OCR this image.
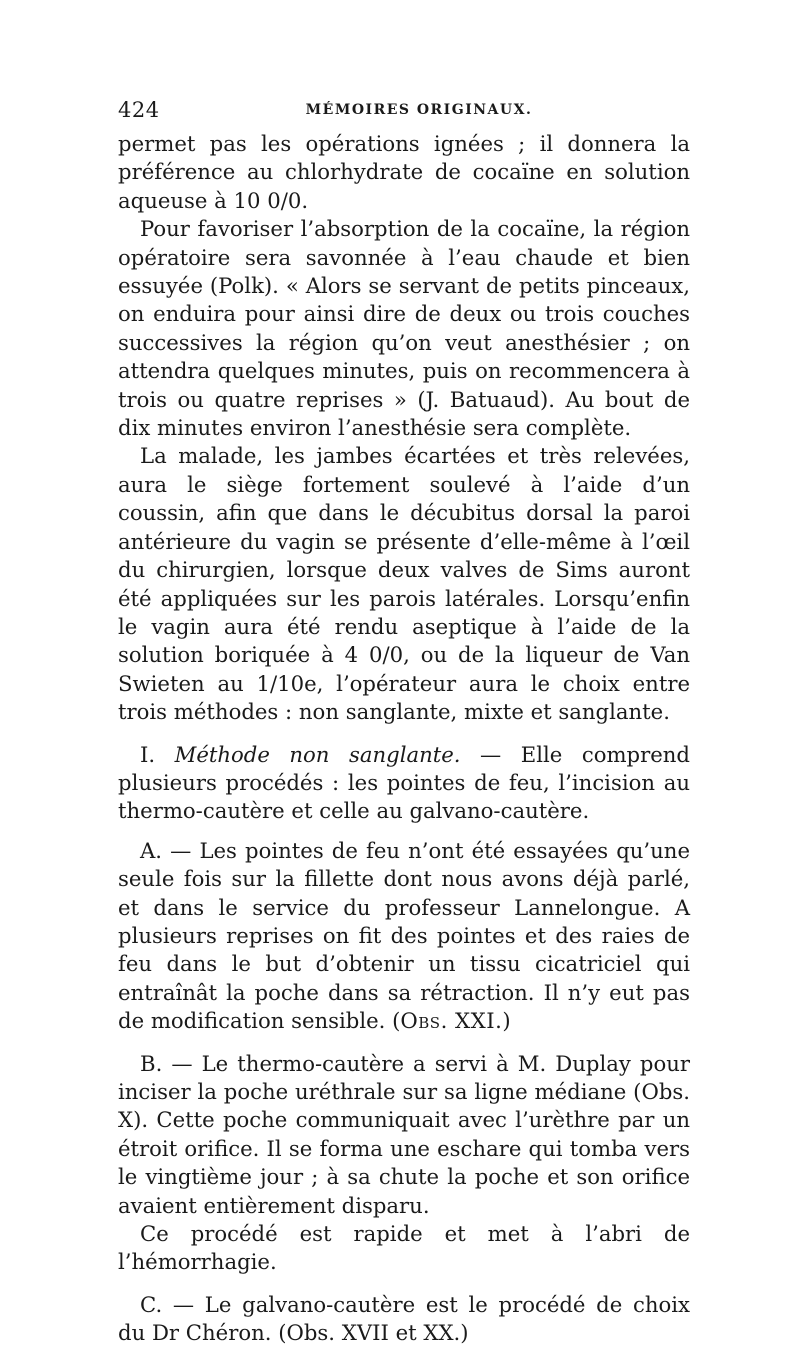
424	MÉMOIRES ORIGINAUX.

permet pas les opérations ignées ; il donnera la préférence au chlorhydrate de cocaïne en solution aqueuse à 10 0/0.

Pour favoriser l’absorption de la cocaïne, la région opératoire sera savonnée à l’eau chaude et bien essuyée (Polk). « Alors se servant de petits pinceaux, on enduira pour ainsi dire de deux ou trois couches successives la région qu’on veut anesthésier ; on attendra quelques minutes, puis on recommencera à trois ou quatre reprises » (J. Batuaud). Au bout de dix minutes environ l’anesthésie sera complète.

La malade, les jambes écartées et très relevées, aura le siège fortement soulevé à l’aide d’un coussin, afin que dans le décubitus dorsal la paroi antérieure du vagin se présente d’elle-même à l’œil du chirurgien, lorsque deux valves de Sims auront été appliquées sur les parois latérales. Lorsqu’enfin le vagin aura été rendu aseptique à l’aide de la solution boriquée à 4 0/0, ou de la liqueur de Van Swieten au 1/10e, l’opérateur aura le choix entre trois méthodes : non sanglante, mixte et sanglante.

I. Méthode non sanglante. — Elle comprend plusieurs procédés : les pointes de feu, l’incision au thermo-cautère et celle au galvano-cautère.

A. — Les pointes de feu n’ont été essayées qu’une seule fois sur la fillette dont nous avons déjà parlé, et dans le service du professeur Lannelongue. A plusieurs reprises on fit des pointes et des raies de feu dans le but d’obtenir un tissu cicatriciel qui entraînât la poche dans sa rétraction. Il n’y eut pas de modification sensible. (Obs. XXI.)

B. — Le thermo-cautère a servi à M. Duplay pour inciser la poche uréthrale sur sa ligne médiane (Obs. X). Cette poche communiquait avec l’urèthre par un étroit orifice. Il se forma une eschare qui tomba vers le vingtième jour ; à sa chute la poche et son orifice avaient entièrement disparu.

Ce procédé est rapide et met à l’abri de l’hémorrhagie.

C. — Le galvano-cautère est le procédé de choix du Dr Chéron. (Obs. XVII et XX.)
